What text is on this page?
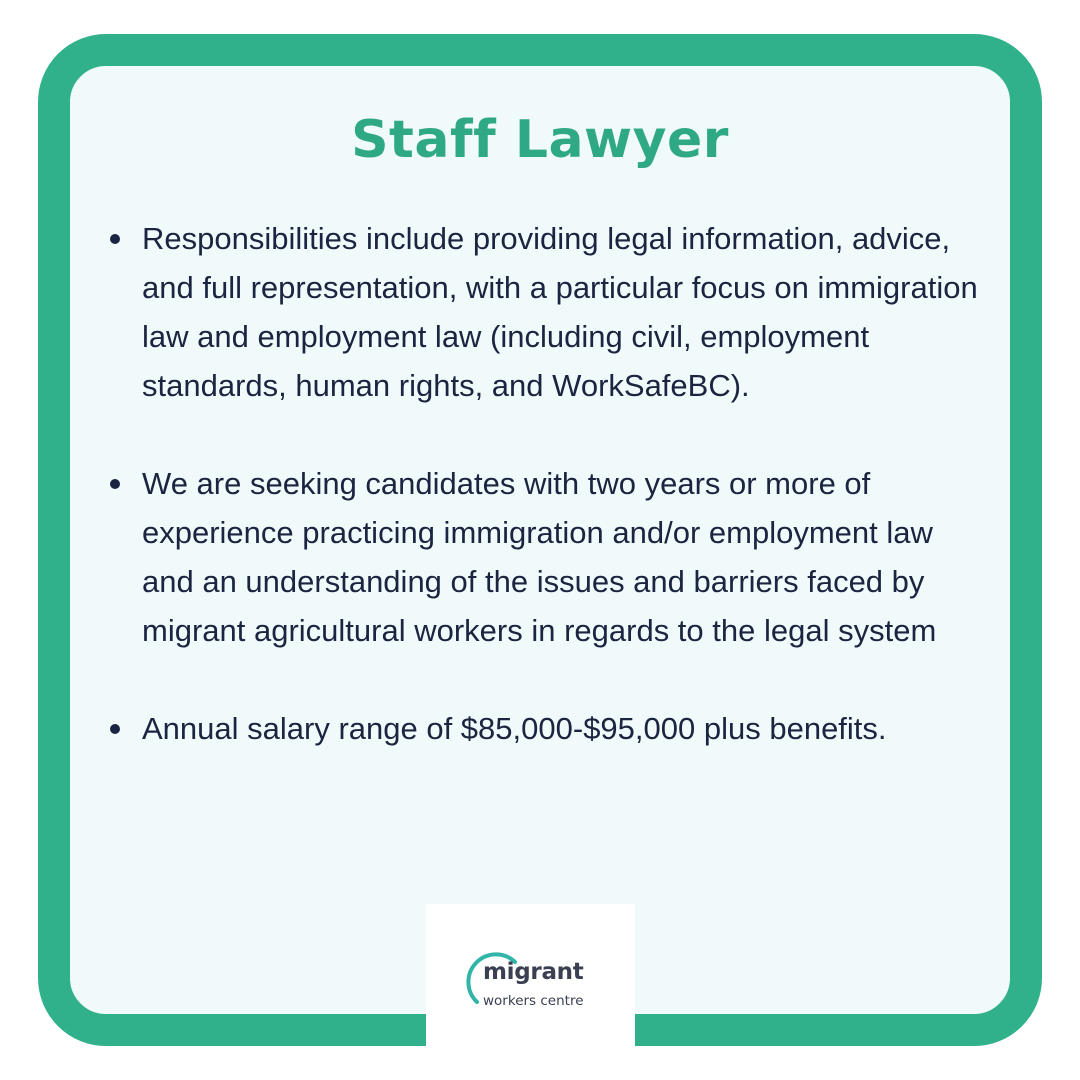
Staff Lawyer
Responsibilities include providing legal information, advice, and full representation, with a particular focus on immigration law and employment law (including civil, employment standards, human rights, and WorkSafeBC).
We are seeking candidates with two years or more of experience practicing immigration and/or employment law and an understanding of the issues and barriers faced by migrant agricultural workers in regards to the legal system
Annual salary range of $85,000-$95,000 plus benefits.
migrant
workers centre
